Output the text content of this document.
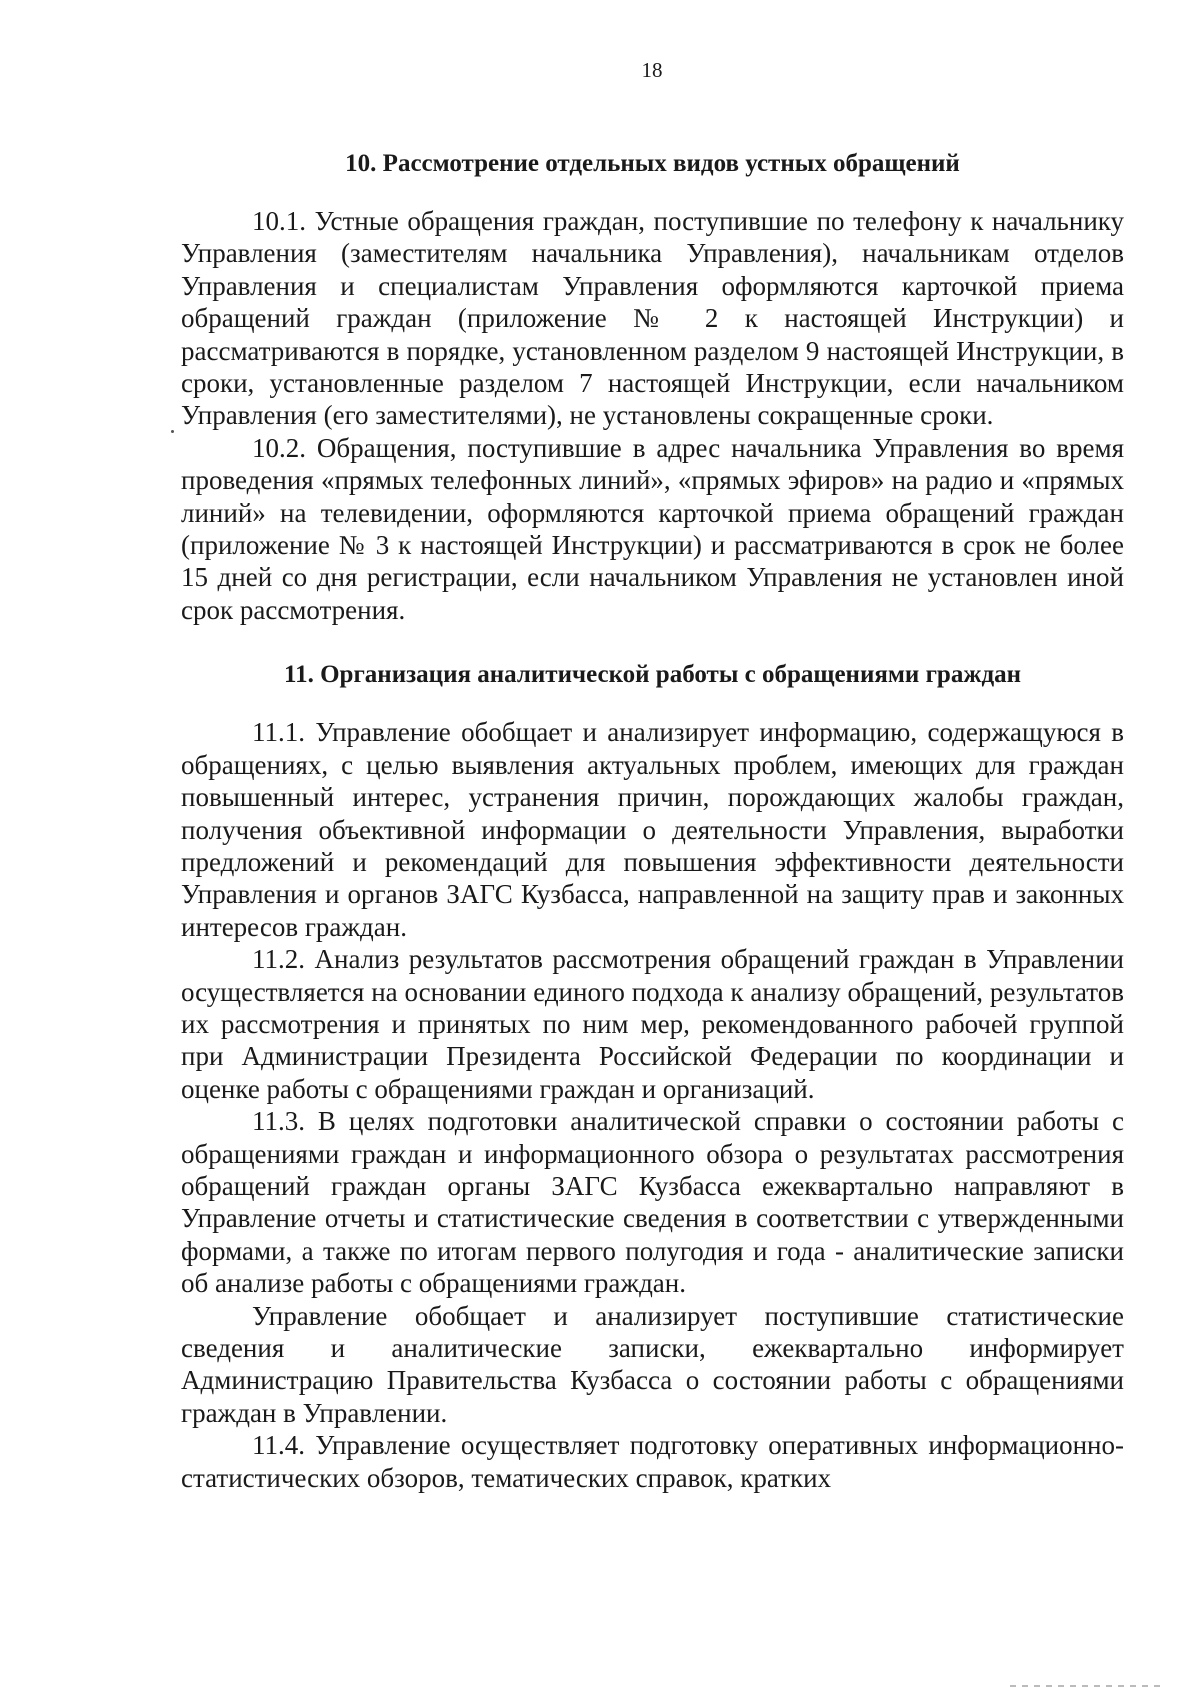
18
10. Рассмотрение отдельных видов устных обращений

10.1. Устные обращения граждан, поступившие по телефону к начальнику Управления (заместителям начальника Управления), начальникам отделов Управления и специалистам Управления оформляются карточкой приема обращений граждан (приложение № 2 к настоящей Инструкции) и рассматриваются в порядке, установленном разделом 9 настоящей Инструкции, в сроки, установленные разделом 7 настоящей Инструкции, если начальником Управления (его заместителями), не установлены сокращенные сроки.

10.2. Обращения, поступившие в адрес начальника Управления во время проведения «прямых телефонных линий», «прямых эфиров» на радио и «прямых линий» на телевидении, оформляются карточкой приема обращений граждан (приложение № 3 к настоящей Инструкции) и рассматриваются в срок не более 15 дней со дня регистрации, если начальником Управления не установлен иной срок рассмотрения.

11. Организация аналитической работы с обращениями граждан

11.1. Управление обобщает и анализирует информацию, содержащуюся в обращениях, с целью выявления актуальных проблем, имеющих для граждан повышенный интерес, устранения причин, порождающих жалобы граждан, получения объективной информации о деятельности Управления, выработки предложений и рекомендаций для повышения эффективности деятельности Управления и органов ЗАГС Кузбасса, направленной на защиту прав и законных интересов граждан.

11.2. Анализ результатов рассмотрения обращений граждан в Управлении осуществляется на основании единого подхода к анализу обращений, результатов их рассмотрения и принятых по ним мер, рекомендованного рабочей группой при Администрации Президента Российской Федерации по координации и оценке работы с обращениями граждан и организаций.

11.3. В целях подготовки аналитической справки о состоянии работы с обращениями граждан и информационного обзора о результатах рассмотрения обращений граждан органы ЗАГС Кузбасса ежеквартально направляют в Управление отчеты и статистические сведения в соответствии с утвержденными формами, а также по итогам первого полугодия и года - аналитические записки об анализе работы с обращениями граждан.

Управление обобщает и анализирует поступившие статистические сведения и аналитические записки, ежеквартально информирует Администрацию Правительства Кузбасса о состоянии работы с обращениями граждан в Управлении.

11.4. Управление осуществляет подготовку оперативных информационно-статистических обзоров, тематических справок, кратких
